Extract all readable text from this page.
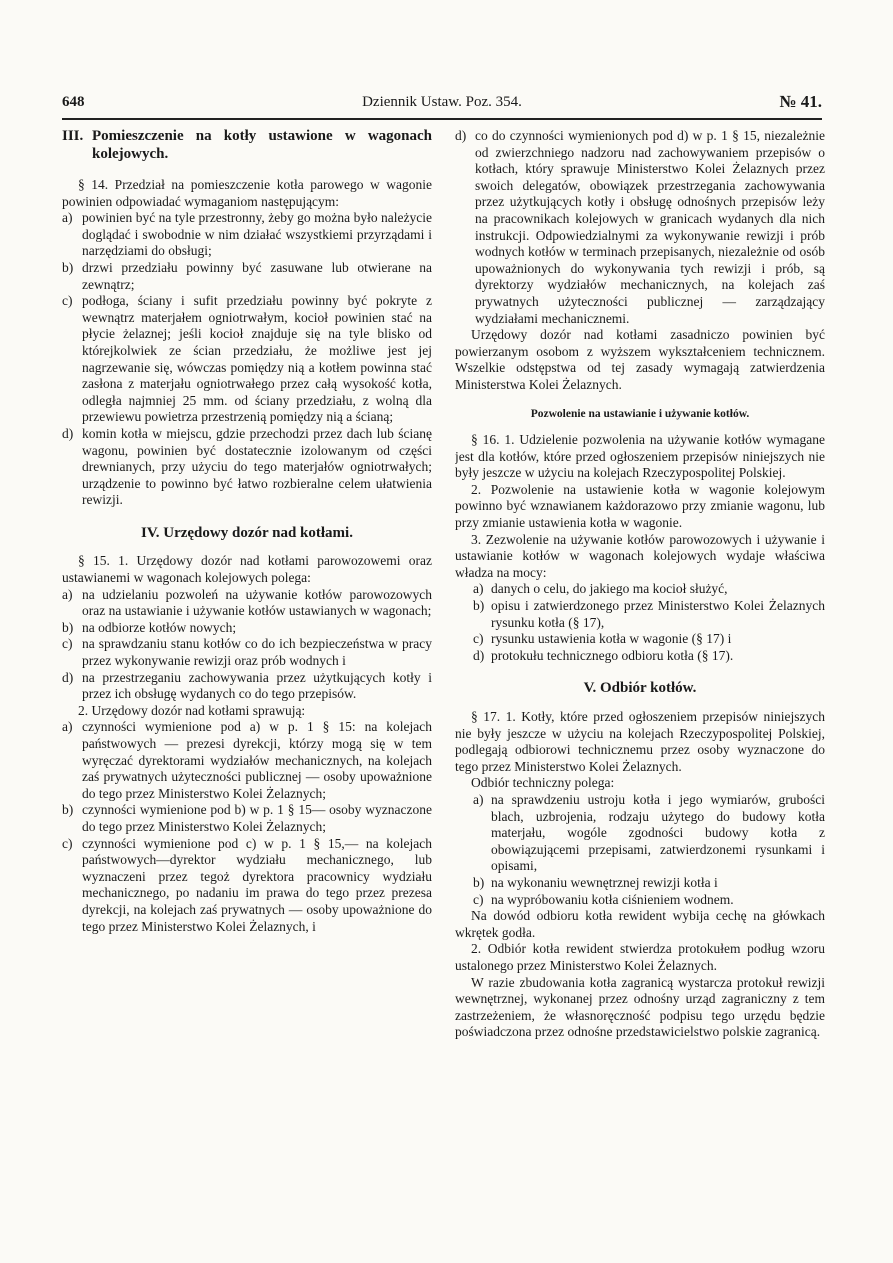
648	Dziennik Ustaw. Poz. 354.	№ 41.
III. Pomieszczenie na kotły ustawione w wagonach kolejowych.

§ 14. Przedział na pomieszczenie kotła parowego w wagonie powinien odpowiadać wymaganiom następującym:

a) powinien być na tyle przestronny, żeby go można było należycie doglądać i swobodnie w nim działać wszystkiemi przyrządami i narzędziami do obsługi;
b) drzwi przedziału powinny być zasuwane lub otwierane na zewnątrz;
c) podłoga, ściany i sufit przedziału powinny być pokryte z wewnątrz materjałem ogniotrwałym, kocioł powinien stać na płycie żelaznej; jeśli kocioł znajduje się na tyle blisko od którejkolwiek ze ścian przedziału, że możliwe jest jej nagrzewanie się, wówczas pomiędzy nią a kotłem powinna stać zasłona z materjału ogniotrwałego przez całą wysokość kotła, odległa najmniej 25 mm. od ściany przedziału, z wolną dla przewiewu powietrza przestrzenią pomiędzy nią a ścianą;
d) komin kotła w miejscu, gdzie przechodzi przez dach lub ścianę wagonu, powinien być dostatecznie izolowanym od części drewnianych, przy użyciu do tego materjałów ogniotrwałych; urządzenie to powinno być łatwo rozbieralne celem ułatwienia rewizji.
IV. Urzędowy dozór nad kotłami.

§ 15. 1. Urzędowy dozór nad kotłami parowozowemi oraz ustawianemi w wagonach kolejowych polega:

a) na udzielaniu pozwoleń na używanie kotłów parowozowych oraz na ustawianie i używanie kotłów ustawianych w wagonach;
b) na odbiorze kotłów nowych;
c) na sprawdzaniu stanu kotłów co do ich bezpieczeństwa w pracy przez wykonywanie rewizji oraz prób wodnych i
d) na przestrzeganiu zachowywania przez użytkujących kotły i przez ich obsługę wydanych co do tego przepisów.

2. Urzędowy dozór nad kotłami sprawują:

a) czynności wymienione pod a) w p. 1 § 15: na kolejach państwowych — prezesi dyrekcji, którzy mogą się w tem wyręczać dyrektorami wydziałów mechanicznych, na kolejach zaś prywatnych użyteczności publicznej — osoby upoważnione do tego przez Ministerstwo Kolei Żelaznych;
b) czynności wymienione pod b) w p. 1 § 15— osoby wyznaczone do tego przez Ministerstwo Kolei Żelaznych;
c) czynności wymienione pod c) w p. 1 § 15,— na kolejach państwowych—dyrektor wydziału mechanicznego, lub wyznaczeni przez tegoż dyrektora pracownicy wydziału mechanicznego, po nadaniu im prawa do tego przez prezesa dyrekcji, na kolejach zaś prywatnych — osoby upoważnione do tego przez Ministerstwo Kolei Żelaznych, i
d) co do czynności wymienionych pod d) w p. 1 § 15, niezależnie od zwierzchniego nadzoru nad zachowywaniem przepisów o kotłach, który sprawuje Ministerstwo Kolei Żelaznych przez swoich delegatów, obowiązek przestrzegania zachowywania przez użytkujących kotły i obsługę odnośnych przepisów leży na pracownikach kolejowych w granicach wydanych dla nich instrukcji. Odpowiedzialnymi za wykonywanie rewizji i prób wodnych kotłów w terminach przepisanych, niezależnie od osób upoważnionych do wykonywania tych rewizji i prób, są dyrektorzy wydziałów mechanicznych, na kolejach zaś prywatnych użyteczności publicznej — zarządzający wydziałami mechanicznemi.

Urzędowy dozór nad kotłami zasadniczo powinien być powierzanym osobom z wyższem wykształceniem technicznem. Wszelkie odstępstwa od tej zasady wymagają zatwierdzenia Ministerstwa Kolei Żelaznych.

Pozwolenie na ustawianie i używanie kotłów.

§ 16. 1. Udzielenie pozwolenia na używanie kotłów wymagane jest dla kotłów, które przed ogłoszeniem przepisów niniejszych nie były jeszcze w użyciu na kolejach Rzeczypospolitej Polskiej.

2. Pozwolenie na ustawienie kotła w wagonie kolejowym powinno być wznawianem każdorazowo przy zmianie wagonu, lub przy zmianie ustawienia kotła w wagonie.

3. Zezwolenie na używanie kotłów parowozowych i używanie i ustawianie kotłów w wagonach kolejowych wydaje właściwa władza na mocy:

a) danych o celu, do jakiego ma kocioł służyć,
b) opisu i zatwierdzonego przez Ministerstwo Kolei Żelaznych rysunku kotła (§ 17),
c) rysunku ustawienia kotła w wagonie (§ 17) i
d) protokułu technicznego odbioru kotła (§ 17).
V. Odbiór kotłów.

§ 17. 1. Kotły, które przed ogłoszeniem przepisów niniejszych nie były jeszcze w użyciu na kolejach Rzeczypospolitej Polskiej, podlegają odbiorowi technicznemu przez osoby wyznaczone do tego przez Ministerstwo Kolei Żelaznych.

Odbiór techniczny polega:

a) na sprawdzeniu ustroju kotła i jego wymiarów, grubości blach, uzbrojenia, rodzaju użytego do budowy kotła materjału, wogóle zgodności budowy kotła z obowiązującemi przepisami, zatwierdzonemi rysunkami i opisami,
b) na wykonaniu wewnętrznej rewizji kotła i
c) na wypróbowaniu kotła ciśnieniem wodnem.

Na dowód odbioru kotła rewident wybija cechę na główkach wkrętek godła.

2. Odbiór kotła rewident stwierdza protokułem podług wzoru ustalonego przez Ministerstwo Kolei Żelaznych.

W razie zbudowania kotła zagranicą wystarcza protokuł rewizji wewnętrznej, wykonanej przez odnośny urząd zagraniczny z tem zastrzeżeniem, że własnoręczność podpisu tego urzędu będzie poświadczona przez odnośne przedstawicielstwo polskie zagranicą.
